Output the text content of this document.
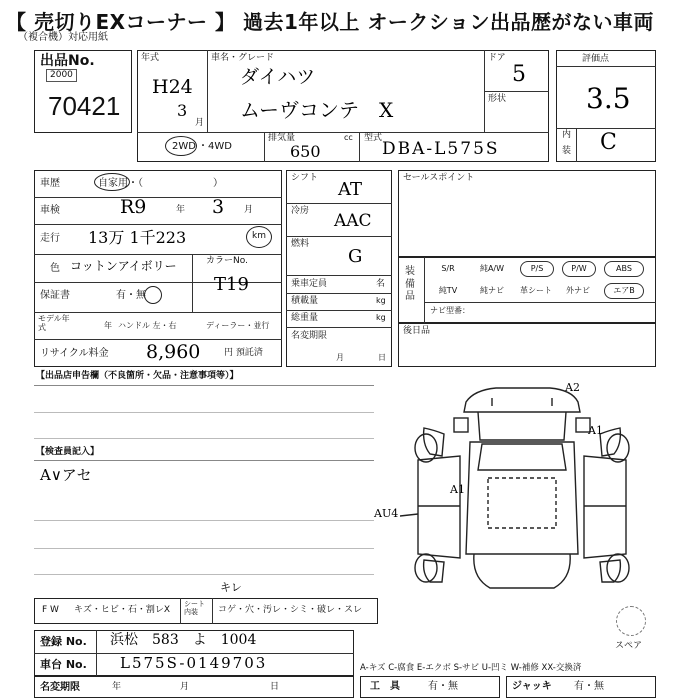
【 売切りEXコーナー 】 過去1年以上 オークション出品歴がない車両
（複合機）対応用紙
出品No.
2000
70421
年式
H24
3
月
車名・グレード
ダイハツ
ムーヴコンテ　X
ドア
5
形状
2WD ・4WD
排気量	cc
650
型式
DBA-L575S
評価点
3.5
内
装 C
車歴	自家用・（　　　　　　　）
車検	R9	年 3 月
走行 13万 1千223	km
色 コットンアイボリー	カラーNo.
T19
保証書	有・無
モデル年式	年 ハンドル 左・右	ディーラー・並行
リサイクル料金 8,960	円 預託済
シフト
AT
冷房 AAC
燃料
G
乗車定員	名
積載量	kg
総重量	kg
名変期限
月	日
セールスポイント
装備品
S/R	純A/W	P/S	P/W	ABS
純TV	純ナビ	革シート	外ナビ	エアB
ナビ型番：
後日品
【出品店申告欄（不良箇所・欠品・注意事項等）】
【検査員記入】
A∨アセ
A2
A1
A1
AU4
F W キズ・ヒビ・石・割レX
シート内装	コゲ・穴・汚レ・シミ・破レ・スレ
キレ
登録 No. 浜松　583　よ　1004
車台 No. L575S-0149703
名変期限	年	月	日
A-キズ C-腐食 E-エクボ S-サビ U-凹ミ W-補修 XX-交換済
工　具	有・無	ジャッキ 有・無
スペア
